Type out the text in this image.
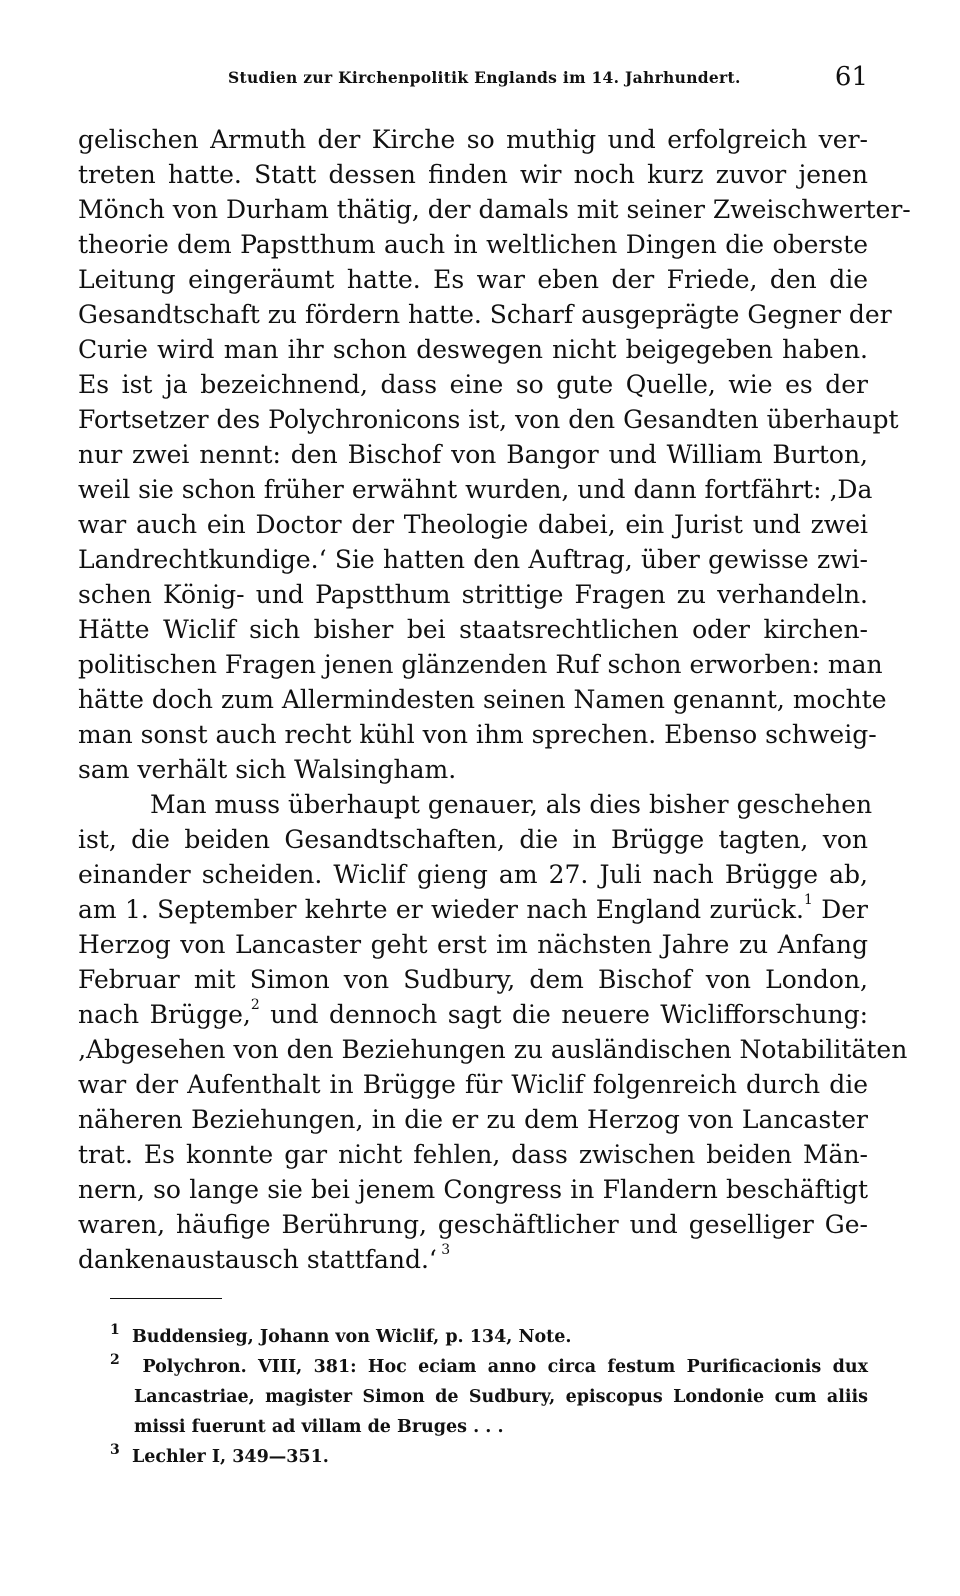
Studien zur Kirchenpolitik Englands im 14. Jahrhundert.	61
gelischen Armuth der Kirche so muthig und erfolgreich ver-
treten hatte. Statt dessen finden wir noch kurz zuvor jenen
Mönch von Durham thätig, der damals mit seiner Zweischwerter-
theorie dem Papstthum auch in weltlichen Dingen die oberste
Leitung eingeräumt hatte. Es war eben der Friede, den die
Gesandtschaft zu fördern hatte. Scharf ausgeprägte Gegner der
Curie wird man ihr schon deswegen nicht beigegeben haben.
Es ist ja bezeichnend, dass eine so gute Quelle, wie es der
Fortsetzer des Polychronicons ist, von den Gesandten überhaupt
nur zwei nennt: den Bischof von Bangor und William Burton,
weil sie schon früher erwähnt wurden, und dann fortfährt: ‚Da
war auch ein Doctor der Theologie dabei, ein Jurist und zwei
Landrechtkundige.‘ Sie hatten den Auftrag, über gewisse zwi-
schen König- und Papstthum strittige Fragen zu verhandeln.
Hätte Wiclif sich bisher bei staatsrechtlichen oder kirchen-
politischen Fragen jenen glänzenden Ruf schon erworben: man
hätte doch zum Allermindesten seinen Namen genannt, mochte
man sonst auch recht kühl von ihm sprechen. Ebenso schweig-
sam verhält sich Walsingham.
Man muss überhaupt genauer, als dies bisher geschehen
ist, die beiden Gesandtschaften, die in Brügge tagten, von
einander scheiden. Wiclif gieng am 27. Juli nach Brügge ab,
am 1. September kehrte er wieder nach England zurück.$^1$ Der
Herzog von Lancaster geht erst im nächsten Jahre zu Anfang
Februar mit Simon von Sudbury, dem Bischof von London,
nach Brügge,$^2$ und dennoch sagt die neuere Wiclifforschung:
‚Abgesehen von den Beziehungen zu ausländischen Notabilitäten
war der Aufenthalt in Brügge für Wiclif folgenreich durch die
näheren Beziehungen, in die er zu dem Herzog von Lancaster
trat. Es konnte gar nicht fehlen, dass zwischen beiden Män-
nern, so lange sie bei jenem Congress in Flandern beschäftigt
waren, häufige Berührung, geschäftlicher und geselliger Ge-
dankenaustausch stattfand.‘ $^3$
$^1$ Buddensieg, Johann von Wiclif, p. 134, Note.
$^2$ Polychron. VIII, 381: Hoc eciam anno circa festum Purificacionis dux
Lancastriae, magister Simon de Sudbury, episcopus Londonie cum aliis
missi fuerunt ad villam de Bruges . . .
$^3$ Lechler I, 349—351.
